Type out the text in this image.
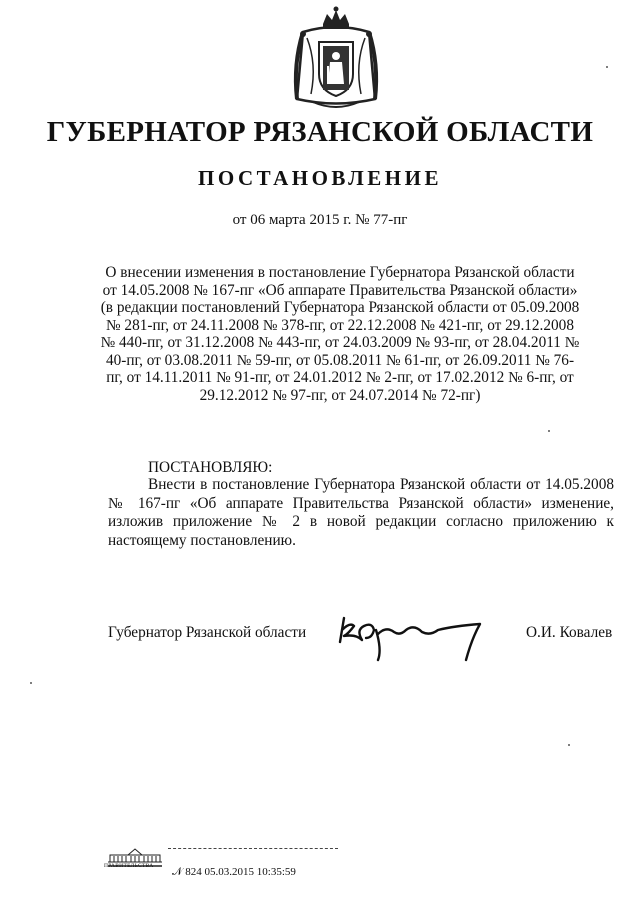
ГУБЕРНАТОР РЯЗАНСКОЙ ОБЛАСТИ
ПОСТАНОВЛЕНИЕ
от 06 марта 2015 г. № 77-пг
О внесении изменения в постановление Губернатора Рязанской области от 14.05.2008 № 167-пг «Об аппарате Правительства Рязанской области» (в редакции постановлений Губернатора Рязанской области от 05.09.2008 № 281-пг, от 24.11.2008 № 378-пг, от 22.12.2008 № 421-пг, от 29.12.2008 № 440-пг, от 31.12.2008 № 443-пг, от 24.03.2009 № 93-пг, от 28.04.2011 № 40-пг, от 03.08.2011 № 59-пг, от 05.08.2011 № 61-пг, от 26.09.2011 № 76-пг, от 14.11.2011 № 91-пг, от 24.01.2012 № 2-пг, от 17.02.2012 № 6-пг, от 29.12.2012 № 97-пг, от 24.07.2014 № 72-пг)
ПОСТАНОВЛЯЮ:

Внести в постановление Губернатора Рязанской области от 14.05.2008 № 167-пг «Об аппарате Правительства Рязанской области» изменение, изложив приложение № 2 в новой редакции согласно приложению к настоящему постановлению.

Губернатор Рязанской области	О.И. Ковалев
ПРАВИТЕЛЬСТВА 𝒩 824 05.03.2015 10:35:59
